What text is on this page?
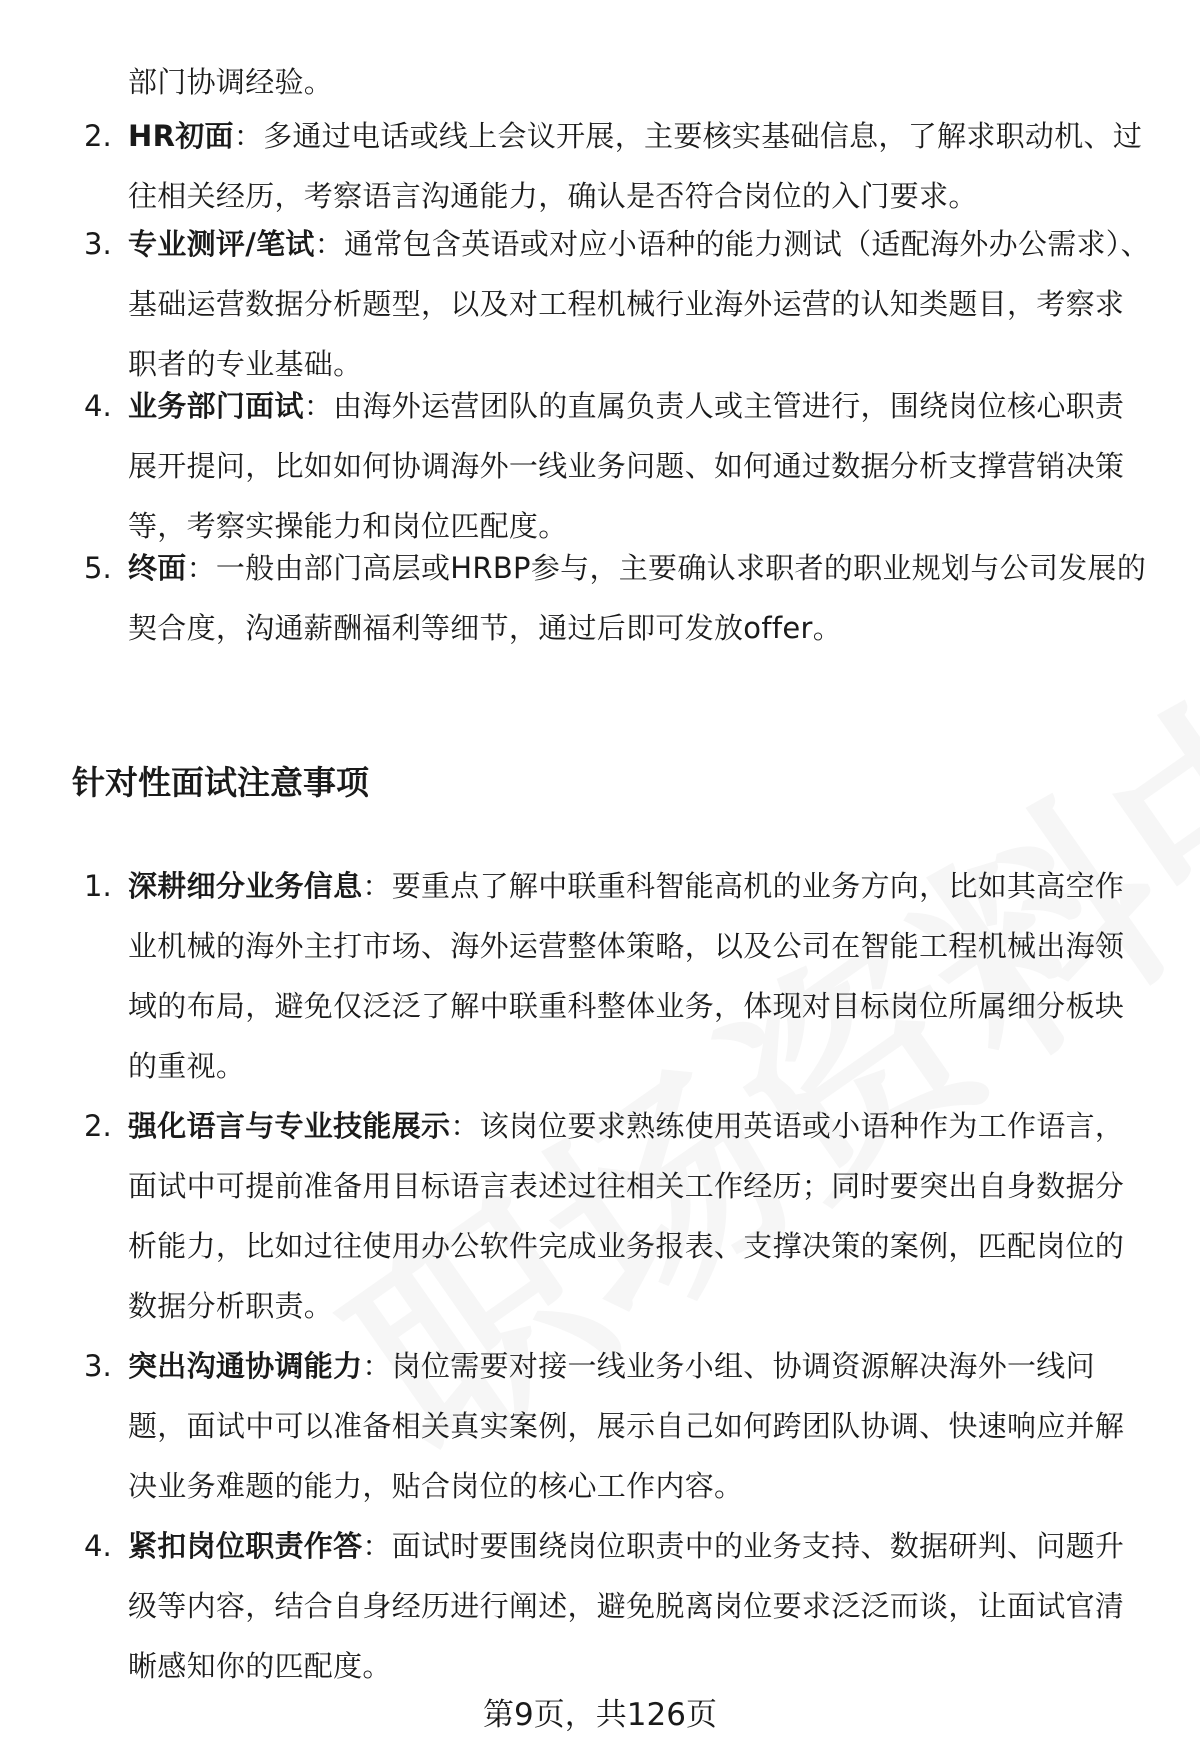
部门协调经验。
2. HR初面：多通过电话或线上会议开展，主要核实基础信息，了解求职动机、过往相关经历，考察语言沟通能力，确认是否符合岗位的入门要求。
3. 专业测评/笔试：通常包含英语或对应小语种的能力测试（适配海外办公需求）、基础运营数据分析题型，以及对工程机械行业海外运营的认知类题目，考察求职者的专业基础。
4. 业务部门面试：由海外运营团队的直属负责人或主管进行，围绕岗位核心职责展开提问，比如如何协调海外一线业务问题、如何通过数据分析支撑营销决策等，考察实操能力和岗位匹配度。
5. 终面：一般由部门高层或HRBP参与，主要确认求职者的职业规划与公司发展的契合度，沟通薪酬福利等细节，通过后即可发放offer。
针对性面试注意事项
1. 深耕细分业务信息：要重点了解中联重科智能高机的业务方向，比如其高空作业机械的海外主打市场、海外运营整体策略，以及公司在智能工程机械出海领域的布局，避免仅泛泛了解中联重科整体业务，体现对目标岗位所属细分板块的重视。
2. 强化语言与专业技能展示：该岗位要求熟练使用英语或小语种作为工作语言，面试中可提前准备用目标语言表述过往相关工作经历；同时要突出自身数据分析能力，比如过往使用办公软件完成业务报表、支撑决策的案例，匹配岗位的数据分析职责。
3. 突出沟通协调能力：岗位需要对接一线业务小组、协调资源解决海外一线问题，面试中可以准备相关真实案例，展示自己如何跨团队协调、快速响应并解决业务难题的能力，贴合岗位的核心工作内容。
4. 紧扣岗位职责作答：面试时要围绕岗位职责中的业务支持、数据研判、问题升级等内容，结合自身经历进行阐述，避免脱离岗位要求泛泛而谈，让面试官清晰感知你的匹配度。
第9页，共126页
